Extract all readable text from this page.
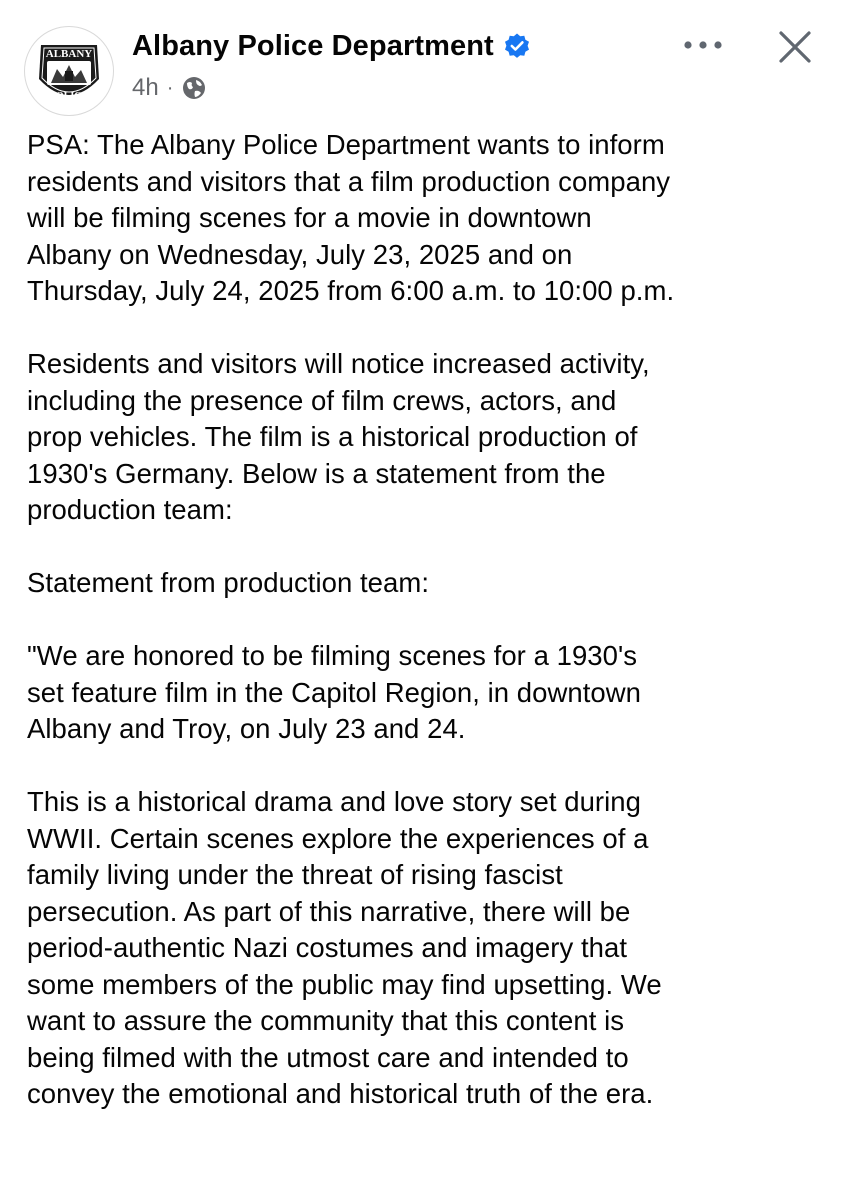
ALBANY
New York
POLICE
Albany Police Department
4h ·

PSA: The Albany Police Department wants to inform
residents and visitors that a film production company
will be filming scenes for a movie in downtown
Albany on Wednesday, July 23, 2025 and on
Thursday, July 24, 2025 from 6:00 a.m. to 10:00 p.m.

Residents and visitors will notice increased activity,
including the presence of film crews, actors, and
prop vehicles. The film is a historical production of
1930's Germany. Below is a statement from the
production team:

Statement from production team:

"We are honored to be filming scenes for a 1930's
set feature film in the Capitol Region, in downtown
Albany and Troy, on July 23 and 24.

This is a historical drama and love story set during
WWII. Certain scenes explore the experiences of a
family living under the threat of rising fascist
persecution. As part of this narrative, there will be
period-authentic Nazi costumes and imagery that
some members of the public may find upsetting. We
want to assure the community that this content is
being filmed with the utmost care and intended to
convey the emotional and historical truth of the era.
